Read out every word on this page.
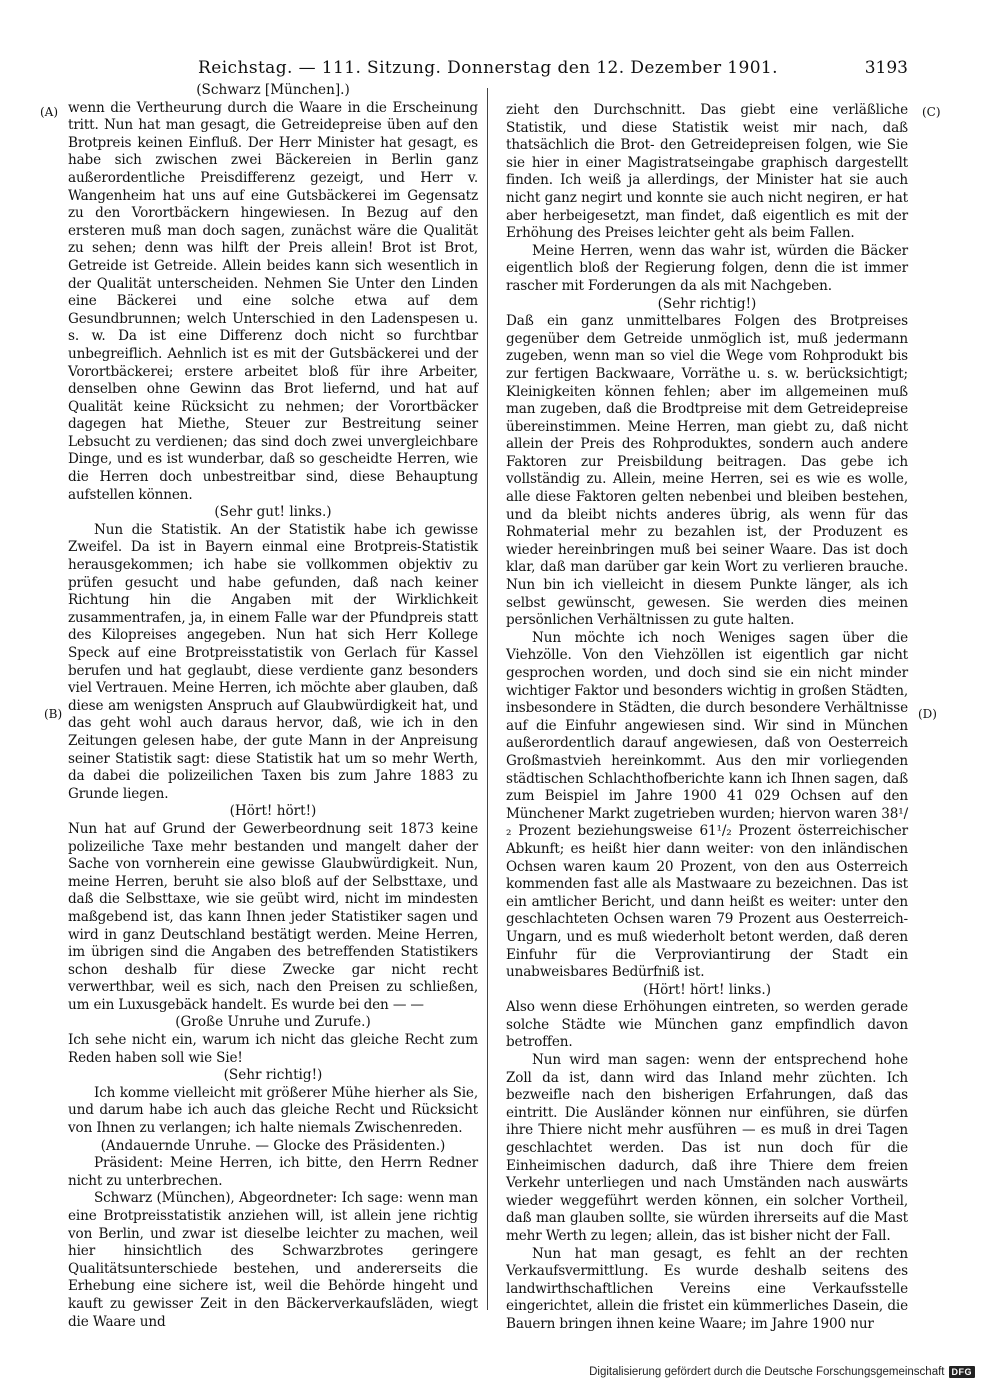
Reichstag. — 111. Sitzung. Donnerstag den 12. Dezember 1901.	3193
(A)
(B)
(C)
(D)

(Schwarz [München].)

wenn die Vertheurung durch die Waare in die Erscheinung tritt. Nun hat man gesagt, die Getreidepreise üben auf den Brotpreis keinen Einfluß. Der Herr Minister hat gesagt, es habe sich zwischen zwei Bäckereien in Berlin ganz außerordentliche Preisdifferenz gezeigt, und Herr v. Wangenheim hat uns auf eine Gutsbäckerei im Gegensatz zu den Vorortbäckern hingewiesen. In Bezug auf den ersteren muß man doch sagen, zunächst wäre die Qualität zu sehen; denn was hilft der Preis allein! Brot ist Brot, Getreide ist Getreide. Allein beides kann sich wesentlich in der Qualität unterscheiden. Nehmen Sie Unter den Linden eine Bäckerei und eine solche etwa auf dem Gesundbrunnen; welch Unterschied in den Ladenspesen u. s. w. Da ist eine Differenz doch nicht so furchtbar unbegreiflich. Aehnlich ist es mit der Gutsbäckerei und der Vorortbäckerei; erstere arbeitet bloß für ihre Arbeiter, denselben ohne Gewinn das Brot liefernd, und hat auf Qualität keine Rücksicht zu nehmen; der Vorortbäcker dagegen hat Miethe, Steuer zur Bestreitung seiner Lebsucht zu verdienen; das sind doch zwei unvergleichbare Dinge, und es ist wunderbar, daß so gescheidte Herren, wie die Herren doch unbestreitbar sind, diese Behauptung aufstellen können.

(Sehr gut! links.)

Nun die Statistik. An der Statistik habe ich gewisse Zweifel. Da ist in Bayern einmal eine Brotpreis-Statistik herausgekommen; ich habe sie vollkommen objektiv zu prüfen gesucht und habe gefunden, daß nach keiner Richtung hin die Angaben mit der Wirklichkeit zusammentrafen, ja, in einem Falle war der Pfundpreis statt des Kilopreises angegeben. Nun hat sich Herr Kollege Speck auf eine Brotpreisstatistik von Gerlach für Kassel berufen und hat geglaubt, diese verdiente ganz besonders viel Vertrauen. Meine Herren, ich möchte aber glauben, daß diese am wenigsten Anspruch auf Glaubwürdigkeit hat, und das geht wohl auch daraus hervor, daß, wie ich in den Zeitungen gelesen habe, der gute Mann in der Anpreisung seiner Statistik sagt: diese Statistik hat um so mehr Werth, da dabei die polizeilichen Taxen bis zum Jahre 1883 zu Grunde liegen.

(Hört! hört!)

Nun hat auf Grund der Gewerbeordnung seit 1873 keine polizeiliche Taxe mehr bestanden und mangelt daher der Sache von vornherein eine gewisse Glaubwürdigkeit. Nun, meine Herren, beruht sie also bloß auf der Selbsttaxe, und daß die Selbsttaxe, wie sie geübt wird, nicht im mindesten maßgebend ist, das kann Ihnen jeder Statistiker sagen und wird in ganz Deutschland bestätigt werden. Meine Herren, im übrigen sind die Angaben des betreffenden Statistikers schon deshalb für diese Zwecke gar nicht recht verwerthbar, weil es sich, nach den Preisen zu schließen, um ein Luxusgebäck handelt. Es wurde bei den — —

(Große Unruhe und Zurufe.)

Ich sehe nicht ein, warum ich nicht das gleiche Recht zum Reden haben soll wie Sie!

(Sehr richtig!)

Ich komme vielleicht mit größerer Mühe hierher als Sie, und darum habe ich auch das gleiche Recht und Rücksicht von Ihnen zu verlangen; ich halte niemals Zwischenreden.

(Andauernde Unruhe. — Glocke des Präsidenten.)

Präsident: Meine Herren, ich bitte, den Herrn Redner nicht zu unterbrechen.

Schwarz (München), Abgeordneter: Ich sage: wenn man eine Brotpreisstatistik anziehen will, ist allein jene richtig von Berlin, und zwar ist dieselbe leichter zu machen, weil hier hinsichtlich des Schwarzbrotes geringere Qualitätsunterschiede bestehen, und andererseits die Erhebung eine sichere ist, weil die Behörde hingeht und kauft zu gewisser Zeit in den Bäckerverkaufsläden, wiegt die Waare und

zieht den Durchschnitt. Das giebt eine verläßliche Statistik, und diese Statistik weist mir nach, daß thatsächlich die Brot- den Getreidepreisen folgen, wie Sie sie hier in einer Magistratseingabe graphisch dargestellt finden. Ich weiß ja allerdings, der Minister hat sie auch nicht ganz negirt und konnte sie auch nicht negiren, er hat aber herbeigesetzt, man findet, daß eigentlich es mit der Erhöhung des Preises leichter geht als beim Fallen.

Meine Herren, wenn das wahr ist, würden die Bäcker eigentlich bloß der Regierung folgen, denn die ist immer rascher mit Forderungen da als mit Nachgeben.

(Sehr richtig!)

Daß ein ganz unmittelbares Folgen des Brotpreises gegenüber dem Getreide unmöglich ist, muß jedermann zugeben, wenn man so viel die Wege vom Rohprodukt bis zur fertigen Backwaare, Vorräthe u. s. w. berücksichtigt; Kleinigkeiten können fehlen; aber im allgemeinen muß man zugeben, daß die Brodtpreise mit dem Getreidepreise übereinstimmen. Meine Herren, man giebt zu, daß nicht allein der Preis des Rohproduktes, sondern auch andere Faktoren zur Preisbildung beitragen. Das gebe ich vollständig zu. Allein, meine Herren, sei es wie es wolle, alle diese Faktoren gelten nebenbei und bleiben bestehen, und da bleibt nichts anderes übrig, als wenn für das Rohmaterial mehr zu bezahlen ist, der Produzent es wieder hereinbringen muß bei seiner Waare. Das ist doch klar, daß man darüber gar kein Wort zu verlieren brauche. Nun bin ich vielleicht in diesem Punkte länger, als ich selbst gewünscht, gewesen. Sie werden dies meinen persönlichen Verhältnissen zu gute halten.

Nun möchte ich noch Weniges sagen über die Viehzölle. Von den Viehzöllen ist eigentlich gar nicht gesprochen worden, und doch sind sie ein nicht minder wichtiger Faktor und besonders wichtig in großen Städten, insbesondere in Städten, die durch besondere Verhältnisse auf die Einfuhr angewiesen sind. Wir sind in München außerordentlich darauf angewiesen, daß von Oesterreich Großmastvieh hereinkommt. Aus den mir vorliegenden städtischen Schlachthofberichte kann ich Ihnen sagen, daß zum Beispiel im Jahre 1900 41 029 Ochsen auf den Münchener Markt zugetrieben wurden; hiervon waren 38¹/₂ Prozent beziehungsweise 61¹/₂ Prozent österreichischer Abkunft; es heißt hier dann weiter: von den inländischen Ochsen waren kaum 20 Prozent, von den aus Osterreich kommenden fast alle als Mastwaare zu bezeichnen. Das ist ein amtlicher Bericht, und dann heißt es weiter: unter den geschlachteten Ochsen waren 79 Prozent aus Oesterreich-Ungarn, und es muß wiederholt betont werden, daß deren Einfuhr für die Verproviantirung der Stadt ein unabweisbares Bedürfniß ist.

(Hört! hört! links.)

Also wenn diese Erhöhungen eintreten, so werden gerade solche Städte wie München ganz empfindlich davon betroffen.

Nun wird man sagen: wenn der entsprechend hohe Zoll da ist, dann wird das Inland mehr züchten. Ich bezweifle nach den bisherigen Erfahrungen, daß das eintritt. Die Ausländer können nur einführen, sie dürfen ihre Thiere nicht mehr ausführen — es muß in drei Tagen geschlachtet werden. Das ist nun doch für die Einheimischen dadurch, daß ihre Thiere dem freien Verkehr unterliegen und nach Umständen nach auswärts wieder weggeführt werden können, ein solcher Vortheil, daß man glauben sollte, sie würden ihrerseits auf die Mast mehr Werth zu legen; allein, das ist bisher nicht der Fall.

Nun hat man gesagt, es fehlt an der rechten Verkaufsvermittlung. Es wurde deshalb seitens des landwirthschaftlichen Vereins eine Verkaufsstelle eingerichtet, allein die fristet ein kümmerliches Dasein, die Bauern bringen ihnen keine Waare; im Jahre 1900 nur

Digitalisierung gefördert durch die Deutsche Forschungsgemeinschaft DFG
